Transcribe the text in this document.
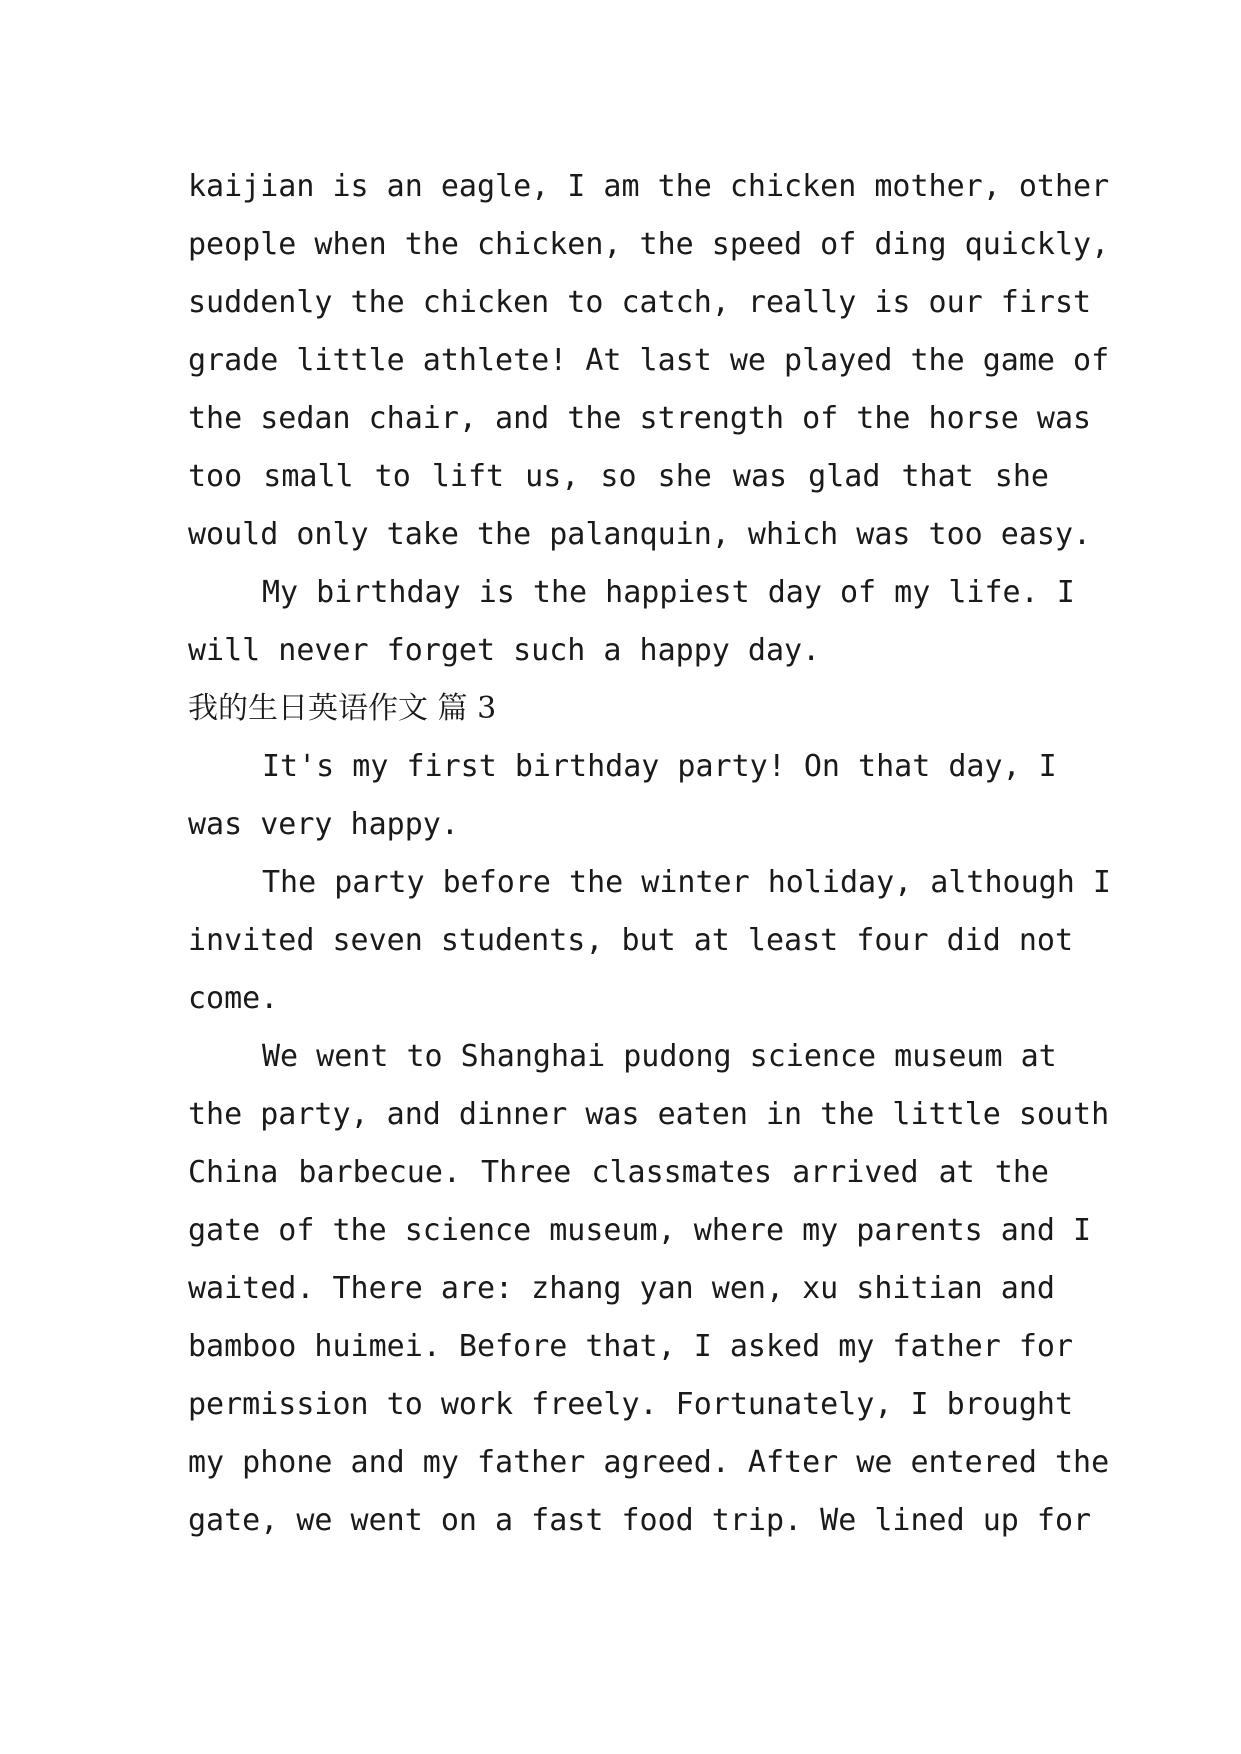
kaijian is an eagle, I am the chicken mother, other
people when the chicken, the speed of ding quickly,
suddenly the chicken to catch, really is our first
grade little athlete! At last we played the game of
the sedan chair, and the strength of the horse was
too small to lift us, so she was glad that she
would only take the palanquin, which was too easy.
My birthday is the happiest day of my life. I
will never forget such a happy day.
我的生日英语作文 篇 3
It's my first birthday party! On that day, I
was very happy.
The party before the winter holiday, although I
invited seven students, but at least four did not
come.
We went to Shanghai pudong science museum at
the party, and dinner was eaten in the little south
China barbecue. Three classmates arrived at the
gate of the science museum, where my parents and I
waited. There are: zhang yan wen, xu shitian and
bamboo huimei. Before that, I asked my father for
permission to work freely. Fortunately, I brought
my phone and my father agreed. After we entered the
gate, we went on a fast food trip. We lined up for
